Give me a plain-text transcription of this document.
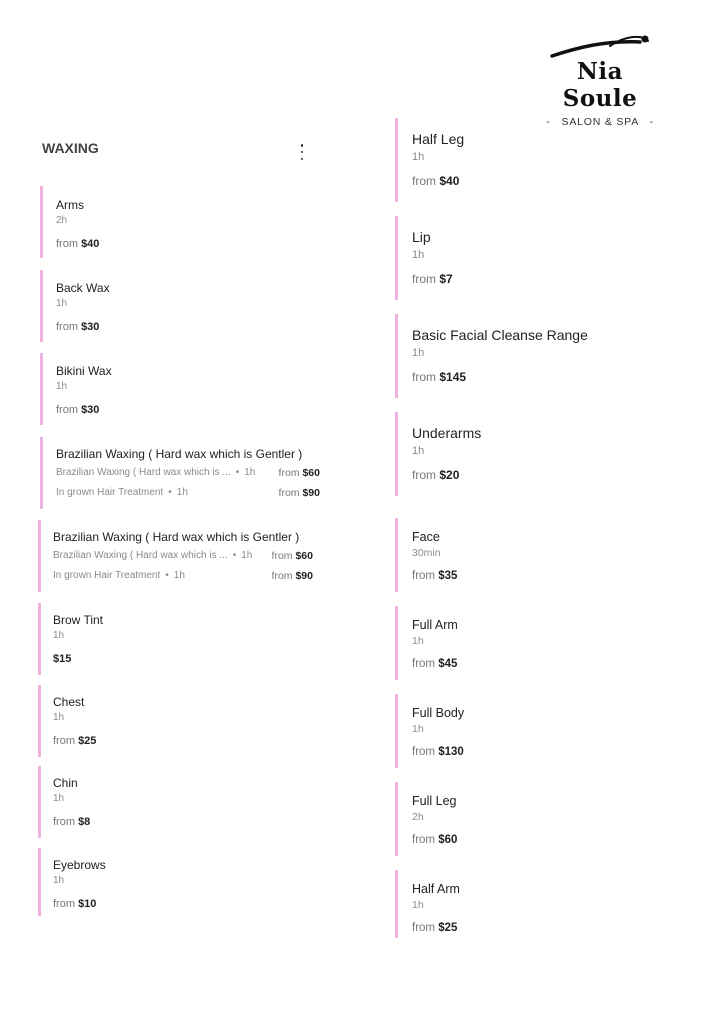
Nia Soule
-   SALON & SPA   -
WAXING
Arms
2h
from $40
Back Wax
1h
from $30
Bikini Wax
1h
from $30
Brazilian Waxing ( Hard wax which is Gentler )
Brazilian Waxing ( Hard wax which is ... • 1h from $60
In grown Hair Treatment • 1h	from $90
Brazilian Waxing ( Hard wax which is Gentler )
Brazilian Waxing ( Hard wax which is ... • 1h from $60
In grown Hair Treatment • 1h	from $90
Brow Tint
1h
$15
Chest
1h
from $25
Chin
1h
from $8
Eyebrows
1h
from $10
Half Leg
1h
from $40
Lip
1h
from $7
Basic Facial Cleanse Range
1h
from $145
Underarms
1h
from $20
Face
30min
from $35
Full Arm
1h
from $45
Full Body
1h
from $130
Full Leg
2h
from $60
Half Arm
1h
from $25
